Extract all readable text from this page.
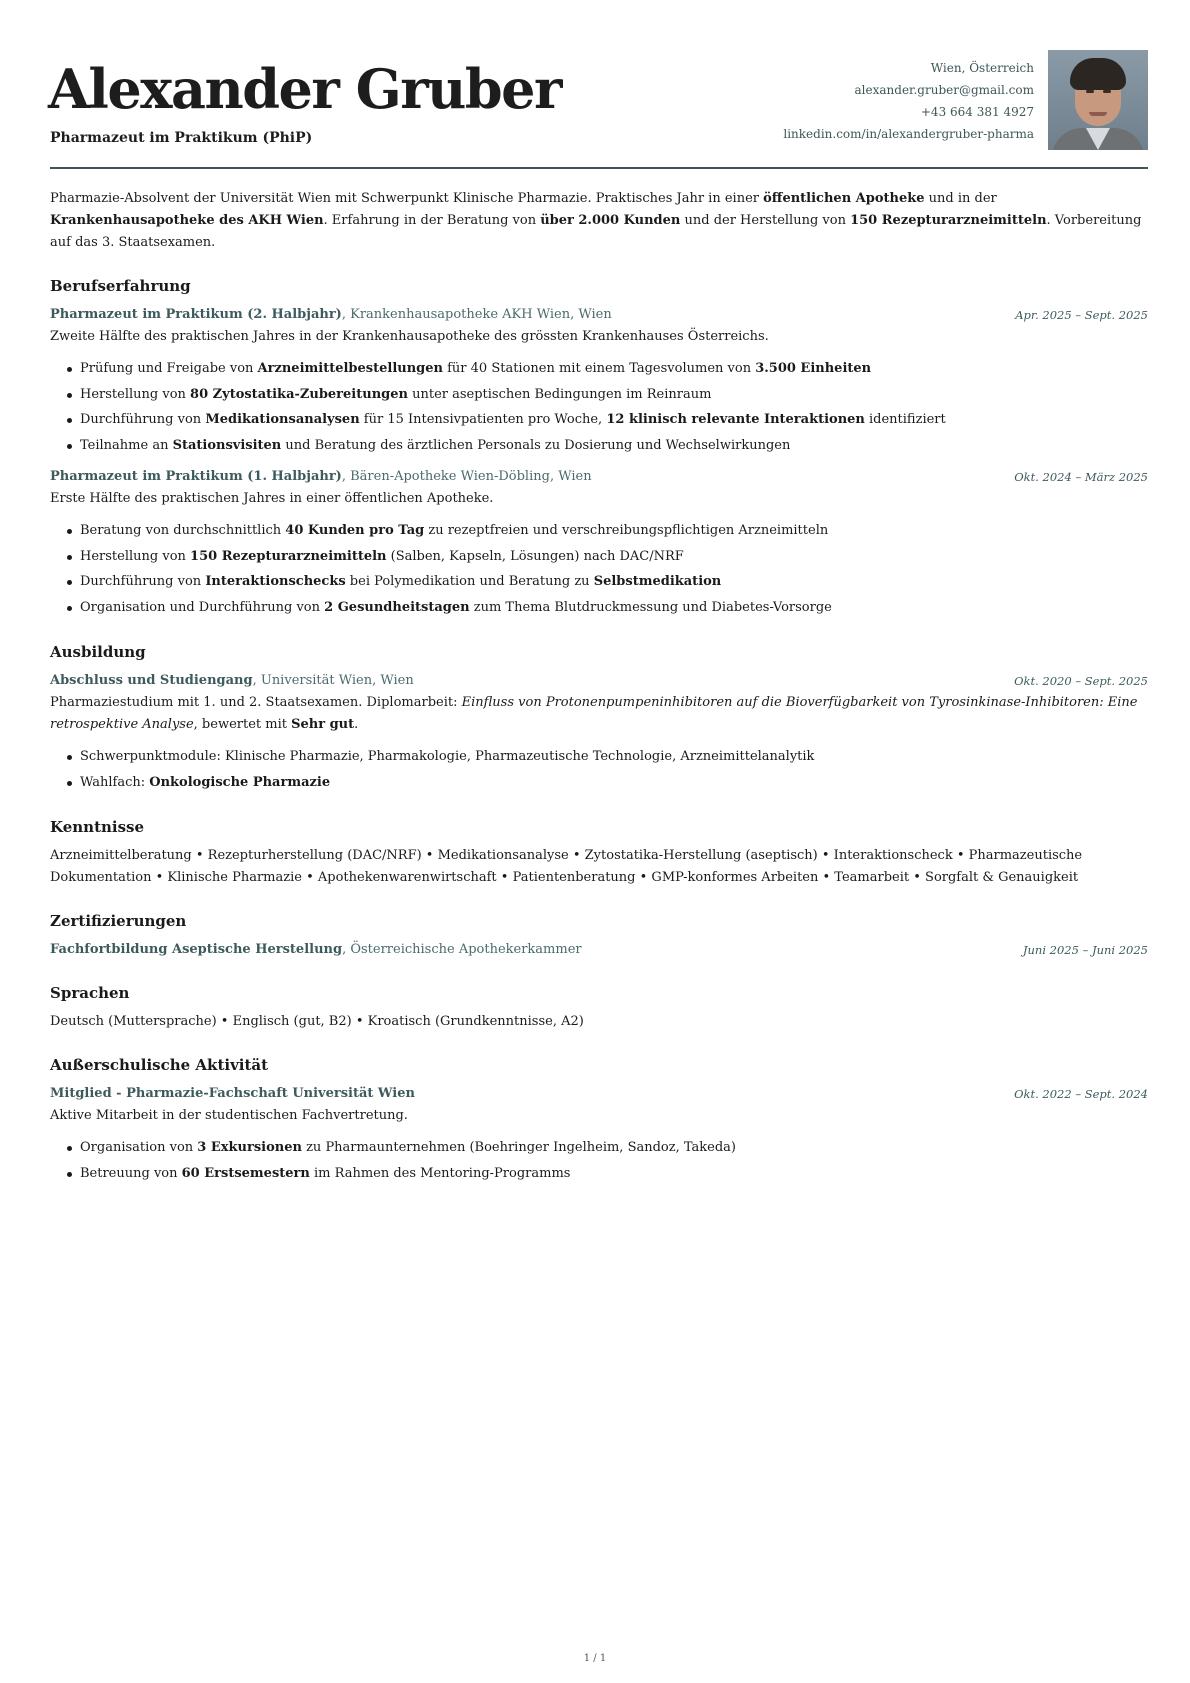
Alexander Gruber
Pharmazeut im Praktikum (PhiP)
Wien, Österreich
alexander.gruber@gmail.com
+43 664 381 4927
linkedin.com/in/alexandergruber-pharma
Pharmazie-Absolvent der Universität Wien mit Schwerpunkt Klinische Pharmazie. Praktisches Jahr in einer öffentlichen Apotheke und in der Krankenhausapotheke des AKH Wien. Erfahrung in der Beratung von über 2.000 Kunden und der Herstellung von 150 Rezepturarzneimitteln. Vorbereitung auf das 3. Staatsexamen.
Berufserfahrung
Pharmazeut im Praktikum (2. Halbjahr), Krankenhausapotheke AKH Wien, Wien	Apr. 2025 – Sept. 2025
Zweite Hälfte des praktischen Jahres in der Krankenhausapotheke des grössten Krankenhauses Österreichs.
Prüfung und Freigabe von Arzneimittelbestellungen für 40 Stationen mit einem Tagesvolumen von 3.500 Einheiten
Herstellung von 80 Zytostatika-Zubereitungen unter aseptischen Bedingungen im Reinraum
Durchführung von Medikationsanalysen für 15 Intensivpatienten pro Woche, 12 klinisch relevante Interaktionen identifiziert
Teilnahme an Stationsvisiten und Beratung des ärztlichen Personals zu Dosierung und Wechselwirkungen
Pharmazeut im Praktikum (1. Halbjahr), Bären-Apotheke Wien-Döbling, Wien	Okt. 2024 – März 2025
Erste Hälfte des praktischen Jahres in einer öffentlichen Apotheke.
Beratung von durchschnittlich 40 Kunden pro Tag zu rezeptfreien und verschreibungspflichtigen Arzneimitteln
Herstellung von 150 Rezepturarzneimitteln (Salben, Kapseln, Lösungen) nach DAC/NRF
Durchführung von Interaktionschecks bei Polymedikation und Beratung zu Selbstmedikation
Organisation und Durchführung von 2 Gesundheitstagen zum Thema Blutdruckmessung und Diabetes-Vorsorge
Ausbildung
Abschluss und Studiengang, Universität Wien, Wien	Okt. 2020 – Sept. 2025
Pharmaziestudium mit 1. und 2. Staatsexamen. Diplomarbeit: Einfluss von Protonenpumpeninhibitoren auf die Bioverfügbarkeit von Tyrosinkinase-Inhibitoren: Eine retrospektive Analyse, bewertet mit Sehr gut.
Schwerpunktmodule: Klinische Pharmazie, Pharmakologie, Pharmazeutische Technologie, Arzneimittelanalytik
Wahlfach: Onkologische Pharmazie
Kenntnisse
Arzneimittelberatung • Rezepturherstellung (DAC/NRF) • Medikationsanalyse • Zytostatika-Herstellung (aseptisch) • Interaktionscheck • Pharmazeutische Dokumentation • Klinische Pharmazie • Apothekenwarenwirtschaft • Patientenberatung • GMP-konformes Arbeiten • Teamarbeit • Sorgfalt & Genauigkeit
Zertifizierungen
Fachfortbildung Aseptische Herstellung, Österreichische Apothekerkammer	Juni 2025 – Juni 2025
Sprachen
Deutsch (Muttersprache) • Englisch (gut, B2) • Kroatisch (Grundkenntnisse, A2)
Außerschulische Aktivität
Mitglied - Pharmazie-Fachschaft Universität Wien	Okt. 2022 – Sept. 2024
Aktive Mitarbeit in der studentischen Fachvertretung.
Organisation von 3 Exkursionen zu Pharmaunternehmen (Boehringer Ingelheim, Sandoz, Takeda)
Betreuung von 60 Erstsemestern im Rahmen des Mentoring-Programms
1 / 1
